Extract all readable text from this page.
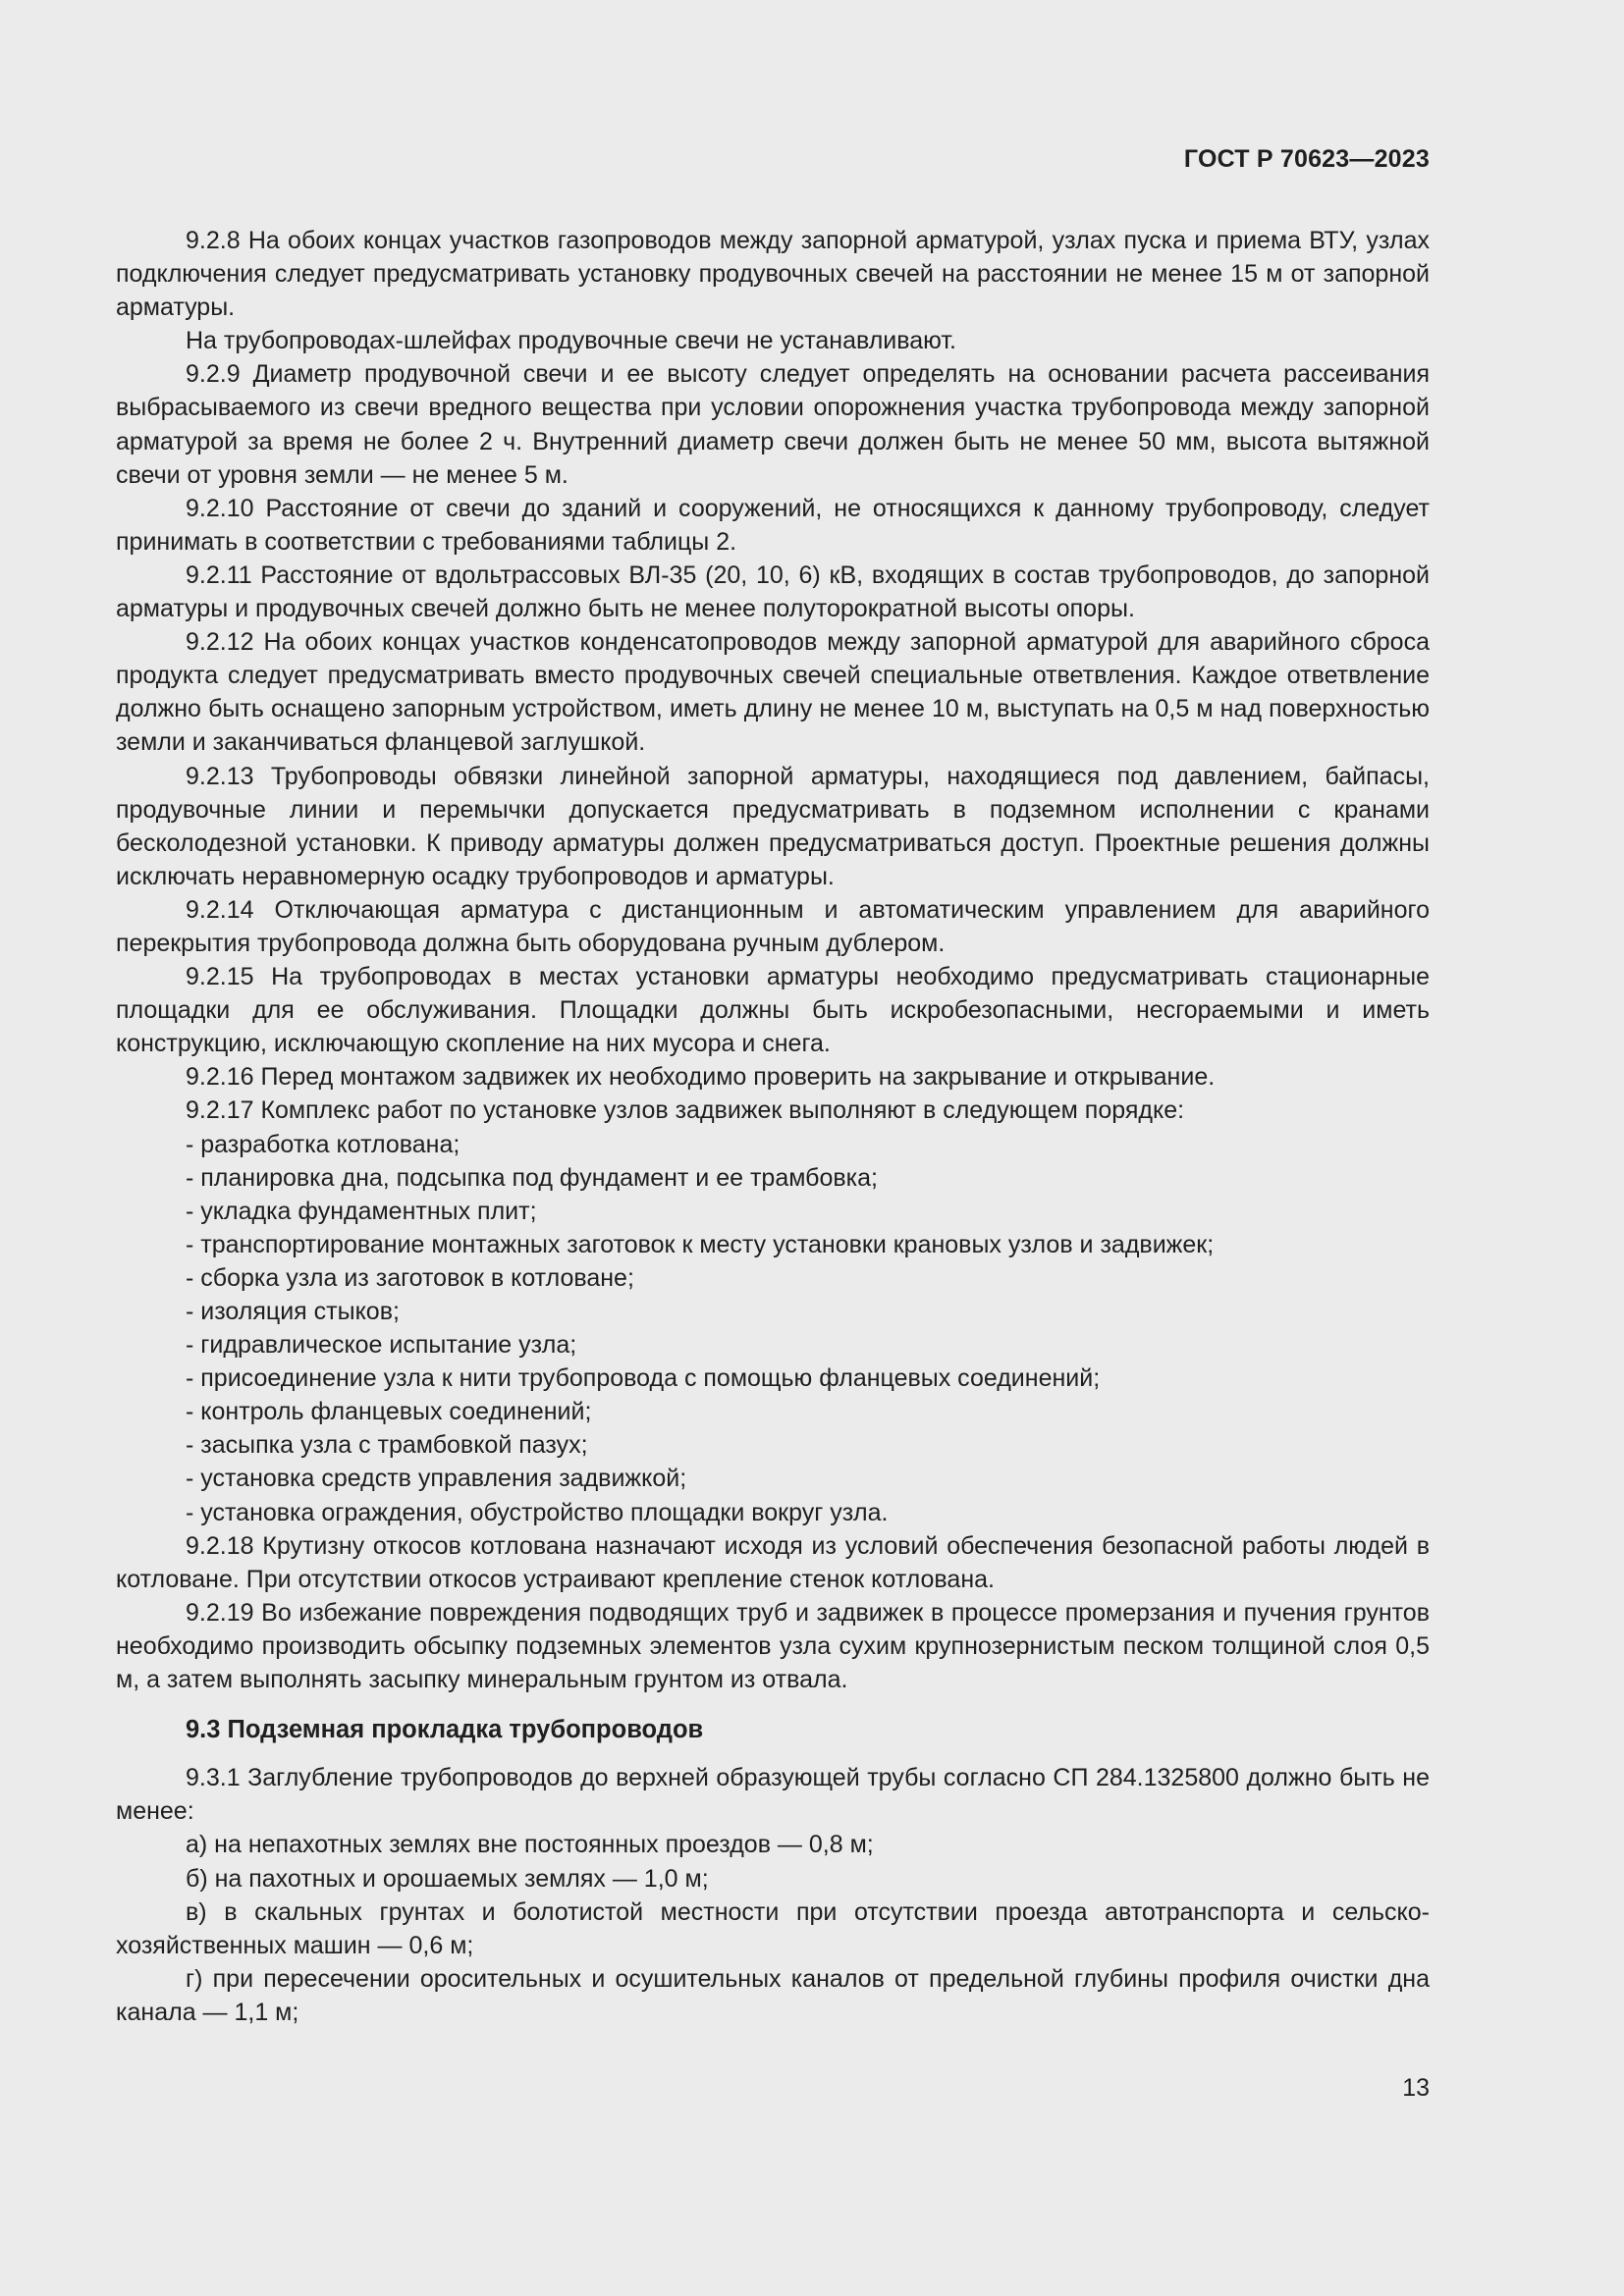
ГОСТ Р 70623—2023

9.2.8 На обоих концах участков газопроводов между запорной арматурой, узлах пуска и приема ВТУ, узлах подключения следует предусматривать установку продувочных свечей на расстоянии не менее 15 м от запорной арматуры.

На трубопроводах-шлейфах продувочные свечи не устанавливают.

9.2.9 Диаметр продувочной свечи и ее высоту следует определять на основании расчета рассеивания выбрасываемого из свечи вредного вещества при условии опорожнения участка трубопровода между запорной арматурой за время не более 2 ч. Внутренний диаметр свечи должен быть не менее 50 мм, высота вытяжной свечи от уровня земли — не менее 5 м.

9.2.10 Расстояние от свечи до зданий и сооружений, не относящихся к данному трубопроводу, следует принимать в соответствии с требованиями таблицы 2.

9.2.11 Расстояние от вдольтрассовых ВЛ-35 (20, 10, 6) кВ, входящих в состав трубопроводов, до запорной арматуры и продувочных свечей должно быть не менее полуторократной высоты опоры.

9.2.12 На обоих концах участков конденсатопроводов между запорной арматурой для аварийного сброса продукта следует предусматривать вместо продувочных свечей специальные ответвления. Каждое ответвление должно быть оснащено запорным устройством, иметь длину не менее 10 м, выступать на 0,5 м над поверхностью земли и заканчиваться фланцевой заглушкой.

9.2.13 Трубопроводы обвязки линейной запорной арматуры, находящиеся под давлением, байпасы, продувочные линии и перемычки допускается предусматривать в подземном исполнении с кранами бесколодезной установки. К приводу арматуры должен предусматриваться доступ. Проектные решения должны исключать неравномерную осадку трубопроводов и арматуры.

9.2.14 Отключающая арматура с дистанционным и автоматическим управлением для аварийного перекрытия трубопровода должна быть оборудована ручным дублером.

9.2.15 На трубопроводах в местах установки арматуры необходимо предусматривать стационарные площадки для ее обслуживания. Площадки должны быть искробезопасными, несгораемыми и иметь конструкцию, исключающую скопление на них мусора и снега.

9.2.16 Перед монтажом задвижек их необходимо проверить на закрывание и открывание.

9.2.17 Комплекс работ по установке узлов задвижек выполняют в следующем порядке:

- разработка котлована;

- планировка дна, подсыпка под фундамент и ее трамбовка;

- укладка фундаментных плит;

- транспортирование монтажных заготовок к месту установки крановых узлов и задвижек;

- сборка узла из заготовок в котловане;

- изоляция стыков;

- гидравлическое испытание узла;

- присоединение узла к нити трубопровода с помощью фланцевых соединений;

- контроль фланцевых соединений;

- засыпка узла с трамбовкой пазух;

- установка средств управления задвижкой;

- установка ограждения, обустройство площадки вокруг узла.

9.2.18 Крутизну откосов котлована назначают исходя из условий обеспечения безопасной работы людей в котловане. При отсутствии откосов устраивают крепление стенок котлована.

9.2.19 Во избежание повреждения подводящих труб и задвижек в процессе промерзания и пучения грунтов необходимо производить обсыпку подземных элементов узла сухим крупнозернистым песком толщиной слоя 0,5 м, а затем выполнять засыпку минеральным грунтом из отвала.

9.3 Подземная прокладка трубопроводов

9.3.1 Заглубление трубопроводов до верхней образующей трубы согласно СП 284.1325800 должно быть не менее:

а) на непахотных землях вне постоянных проездов — 0,8 м;

б) на пахотных и орошаемых землях — 1,0 м;

в) в скальных грунтах и болотистой местности при отсутствии проезда автотранспорта и сельскохозяйственных машин — 0,6 м;

г) при пересечении оросительных и осушительных каналов от предельной глубины профиля очистки дна канала — 1,1 м;

13
